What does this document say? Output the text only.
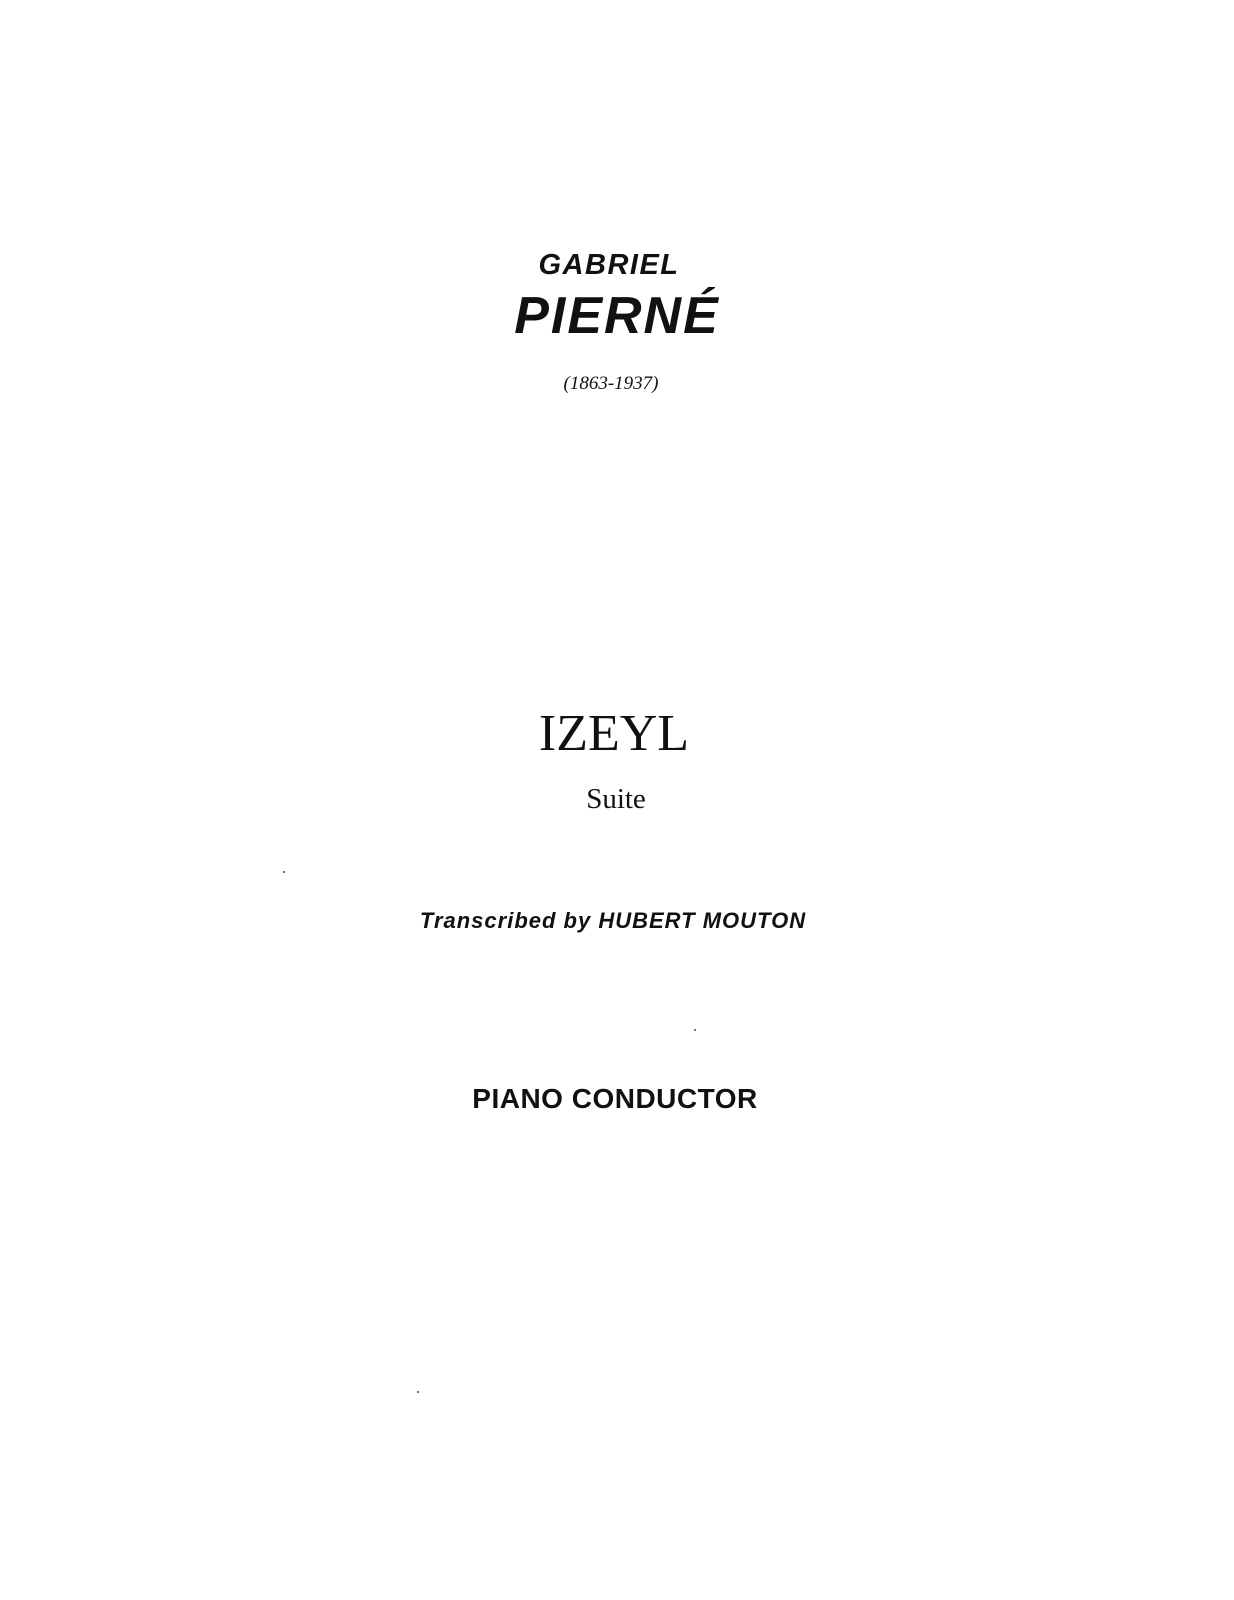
GABRIEL
PIERNÉ
(1863-1937)
IZEYL
Suite
Transcribed by HUBERT MOUTON
PIANO CONDUCTOR
